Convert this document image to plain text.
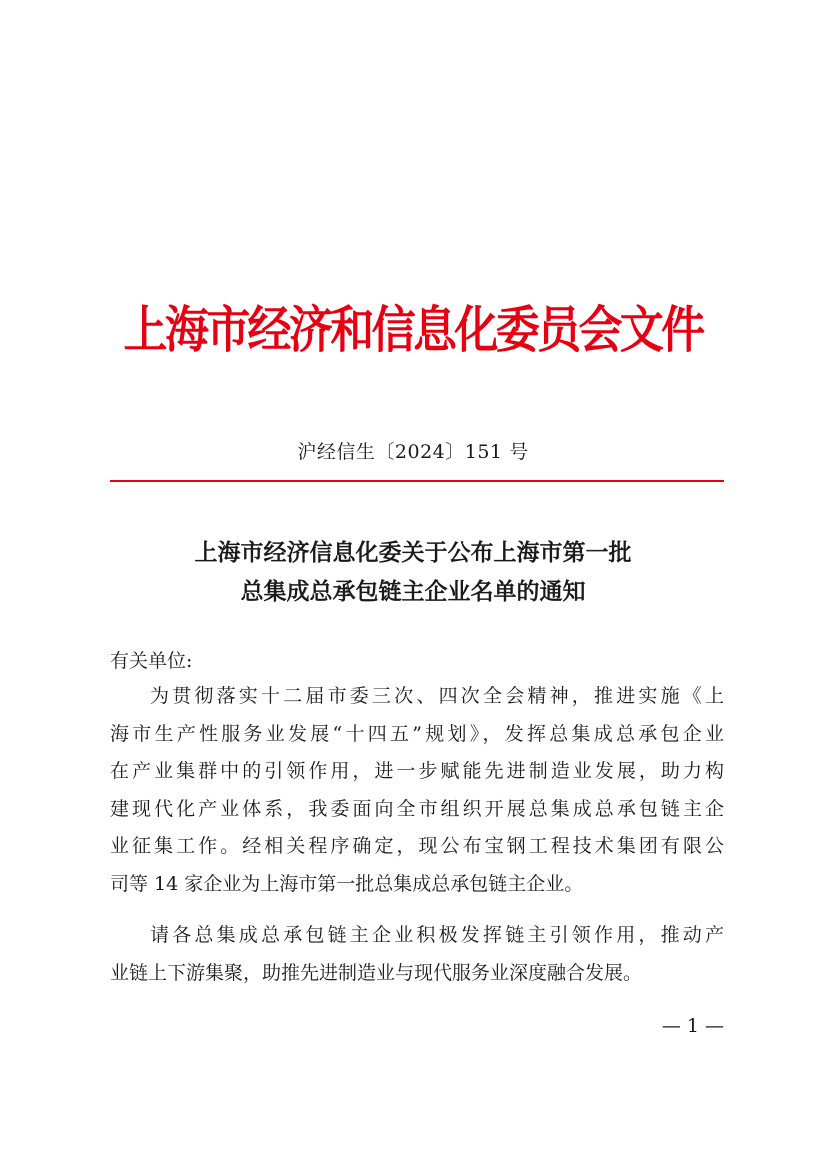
上海市经济和信息化委员会文件
沪经信生〔2024〕151 号
上海市经济信息化委关于公布上海市第一批
总集成总承包链主企业名单的通知
有关单位:
为贯彻落实十二届市委三次、四次全会精神，推进实施《上
海市生产性服务业发展“十四五”规划》，发挥总集成总承包企业
在产业集群中的引领作用，进一步赋能先进制造业发展，助力构
建现代化产业体系，我委面向全市组织开展总集成总承包链主企
业征集工作。经相关程序确定，现公布宝钢工程技术集团有限公
司等 14 家企业为上海市第一批总集成总承包链主企业。
请各总集成总承包链主企业积极发挥链主引领作用，推动产
业链上下游集聚，助推先进制造业与现代服务业深度融合发展。
— 1 —
